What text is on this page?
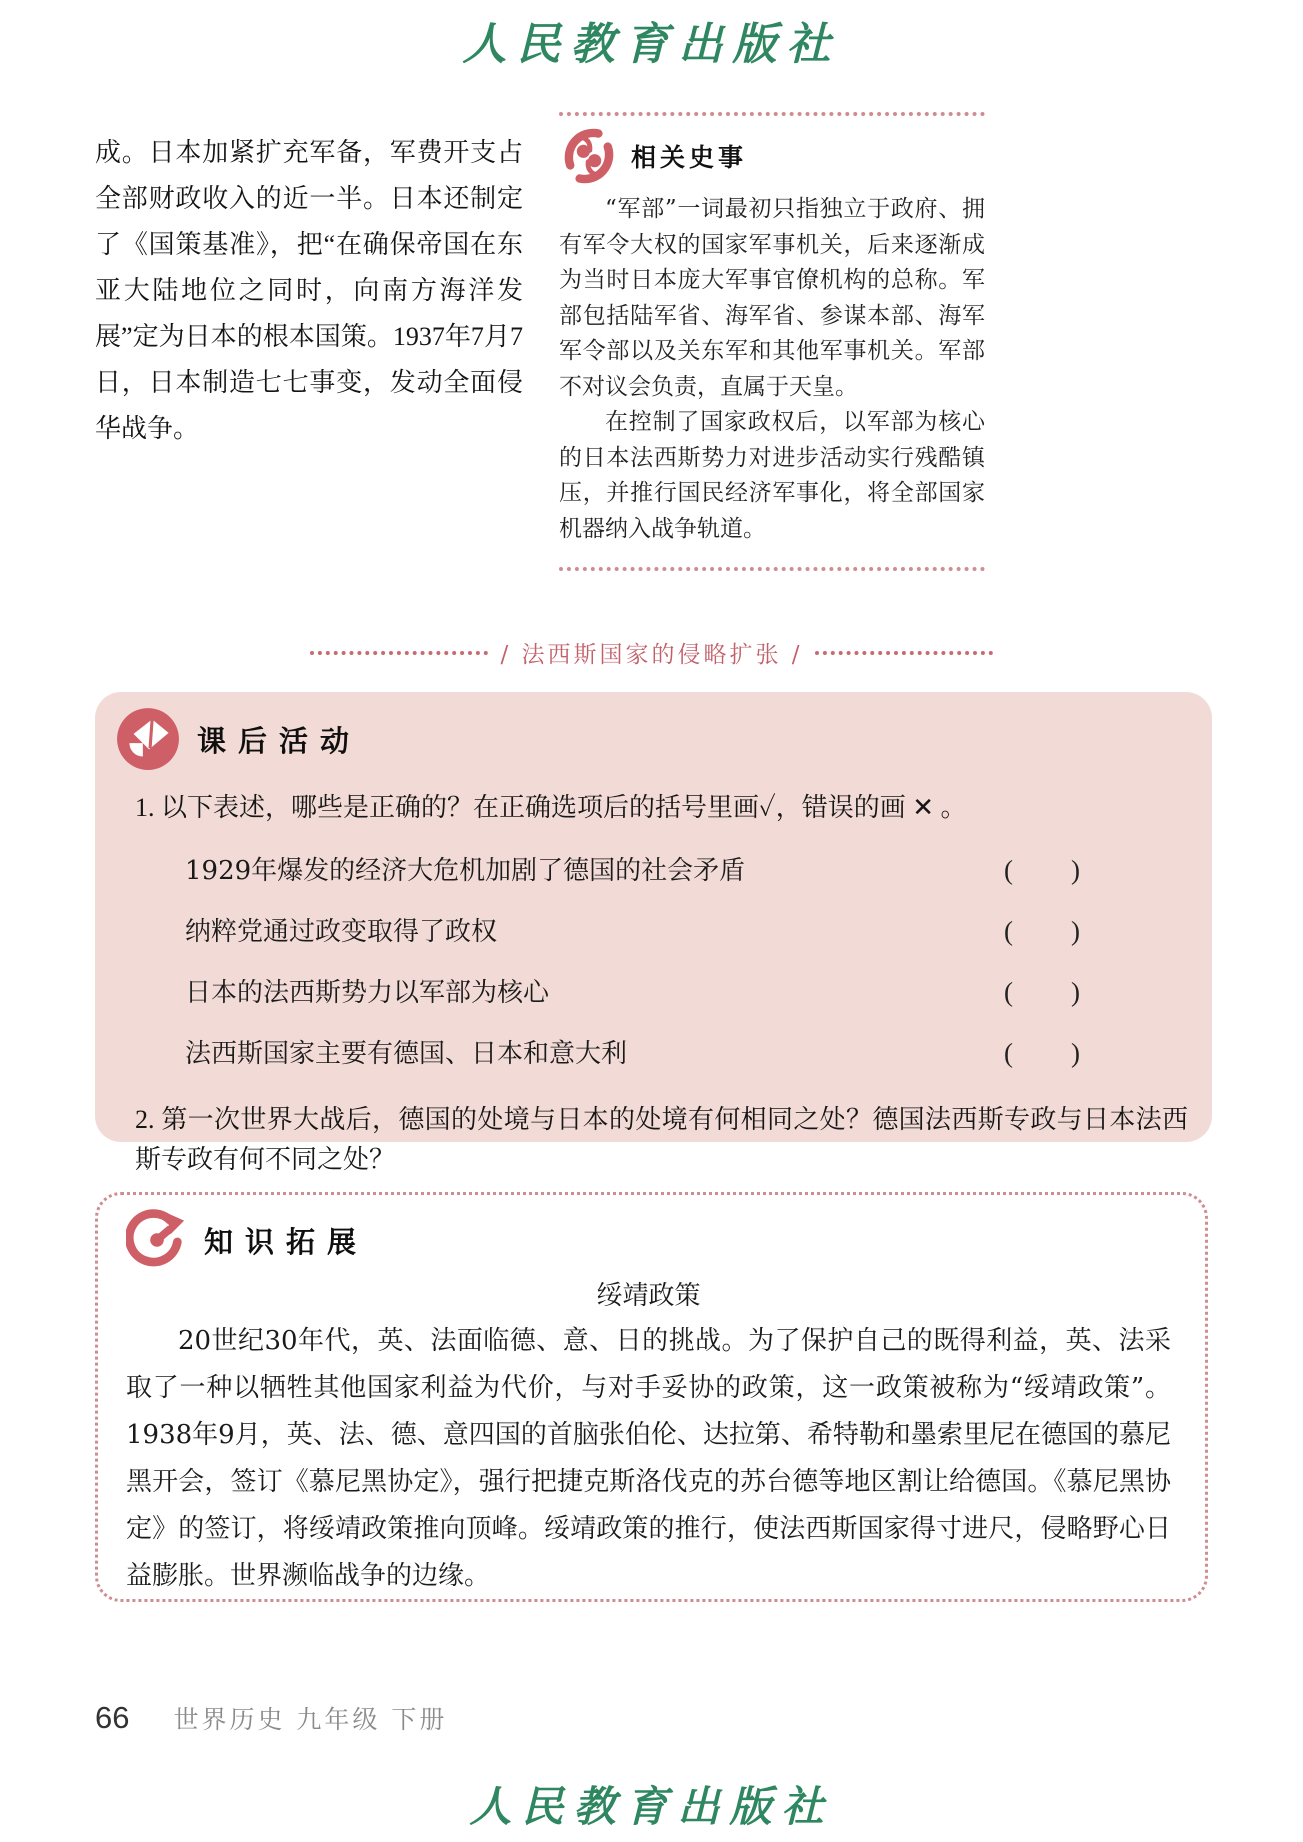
人民教育出版社
成。日本加紧扩充军备，军费开支占全部财政收入的近一半。日本还制定了《国策基准》，把“在确保帝国在东亚大陆地位之同时，向南方海洋发展”定为日本的根本国策。1937年7月7日，日本制造七七事变，发动全面侵华战争。
相关史事

“军部”一词最初只指独立于政府、拥有军令大权的国家军事机关，后来逐渐成为当时日本庞大军事官僚机构的总称。军部包括陆军省、海军省、参谋本部、海军军令部以及关东军和其他军事机关。军部不对议会负责，直属于天皇。

在控制了国家政权后，以军部为核心的日本法西斯势力对进步活动实行残酷镇压，并推行国民经济军事化，将全部国家机器纳入战争轨道。

/ 法西斯国家的侵略扩张 /
课后活动

1. 以下表述，哪些是正确的？在正确选项后的括号里画✓，错误的画 ✕ 。

1929年爆发的经济大危机加剧了德国的社会矛盾	( )
纳粹党通过政变取得了政权	( )
日本的法西斯势力以军部为核心	( )
法西斯国家主要有德国、日本和意大利	( )

2. 第一次世界大战后，德国的处境与日本的处境有何相同之处？德国法西斯专政与日本法西斯专政有何不同之处？

知识拓展
绥靖政策

20世纪30年代，英、法面临德、意、日的挑战。为了保护自己的既得利益，英、法采取了一种以牺牲其他国家利益为代价，与对手妥协的政策，这一政策被称为“绥靖政策”。1938年9月，英、法、德、意四国的首脑张伯伦、达拉第、希特勒和墨索里尼在德国的慕尼黑开会，签订《慕尼黑协定》，强行把捷克斯洛伐克的苏台德等地区割让给德国。《慕尼黑协定》的签订，将绥靖政策推向顶峰。绥靖政策的推行，使法西斯国家得寸进尺，侵略野心日益膨胀。世界濒临战争的边缘。

66 世界历史 九年级 下册
人民教育出版社
